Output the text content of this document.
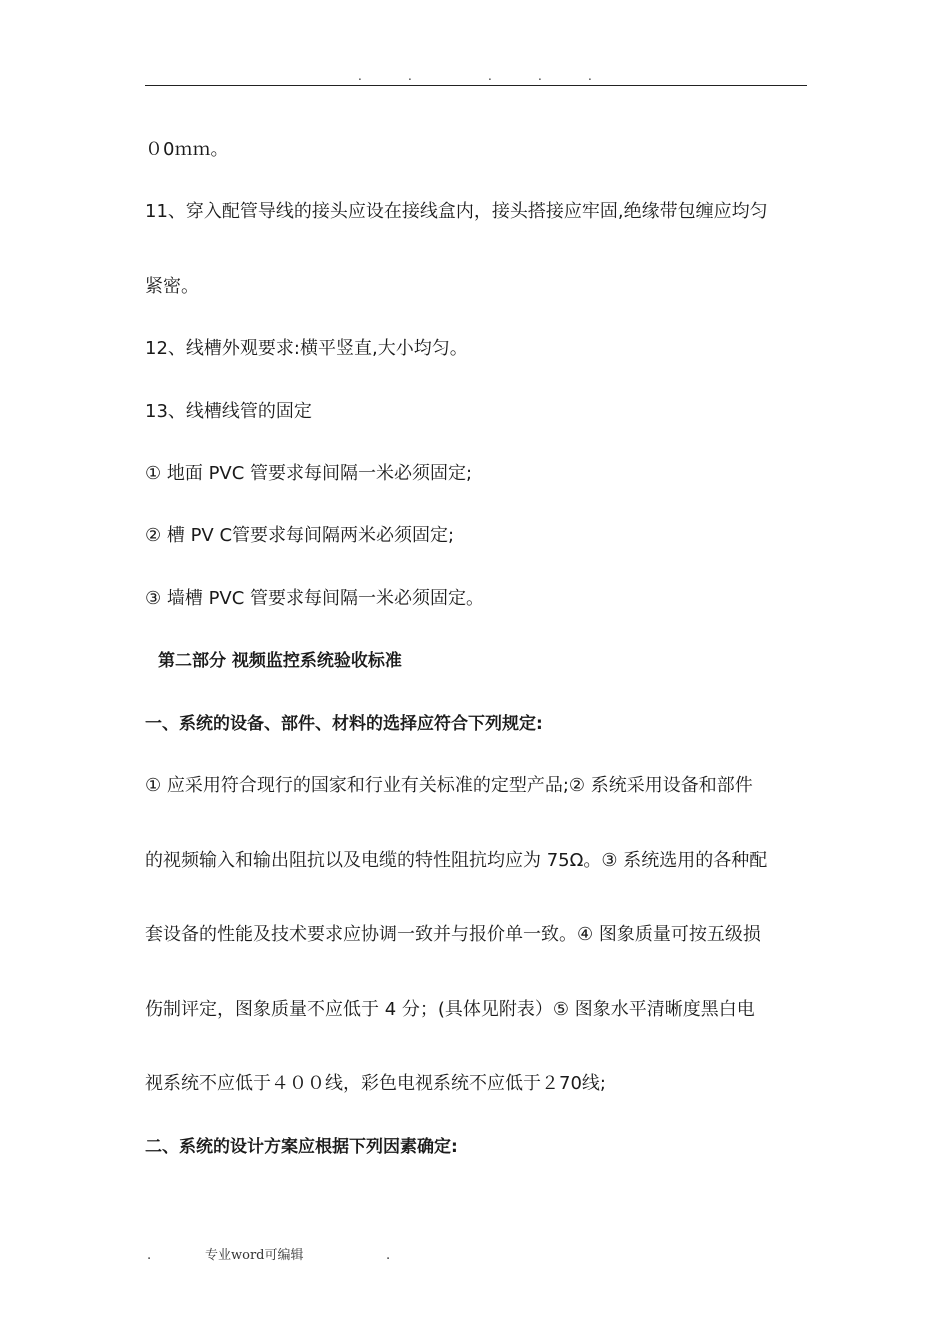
.	.	.	.	.
０0ｍｍ。
11、穿入配管导线的接头应设在接线盒内，接头搭接应牢固,绝缘带包缠应均匀
紧密。
12、线槽外观要求:横平竖直,大小均匀。
13、线槽线管的固定
① 地面 PVC 管要求每间隔一米必须固定;
② 槽 PV C管要求每间隔两米必须固定;
③ 墙槽 PVC 管要求每间隔一米必须固定。
第二部分 视频监控系统验收标准
一、系统的设备、部件、材料的选择应符合下列规定:
① 应采用符合现行的国家和行业有关标准的定型产品;② 系统采用设备和部件
的视频输入和输出阻抗以及电缆的特性阻抗均应为 75Ω。③ 系统选用的各种配
套设备的性能及技术要求应协调一致并与报价单一致。④ 图象质量可按五级损
伤制评定，图象质量不应低于 4 分；(具体见附表）⑤ 图象水平清晰度黑白电
视系统不应低于４００线，彩色电视系统不应低于２70线;
二、系统的设计方案应根据下列因素确定:
.	专业word可编辑	.
